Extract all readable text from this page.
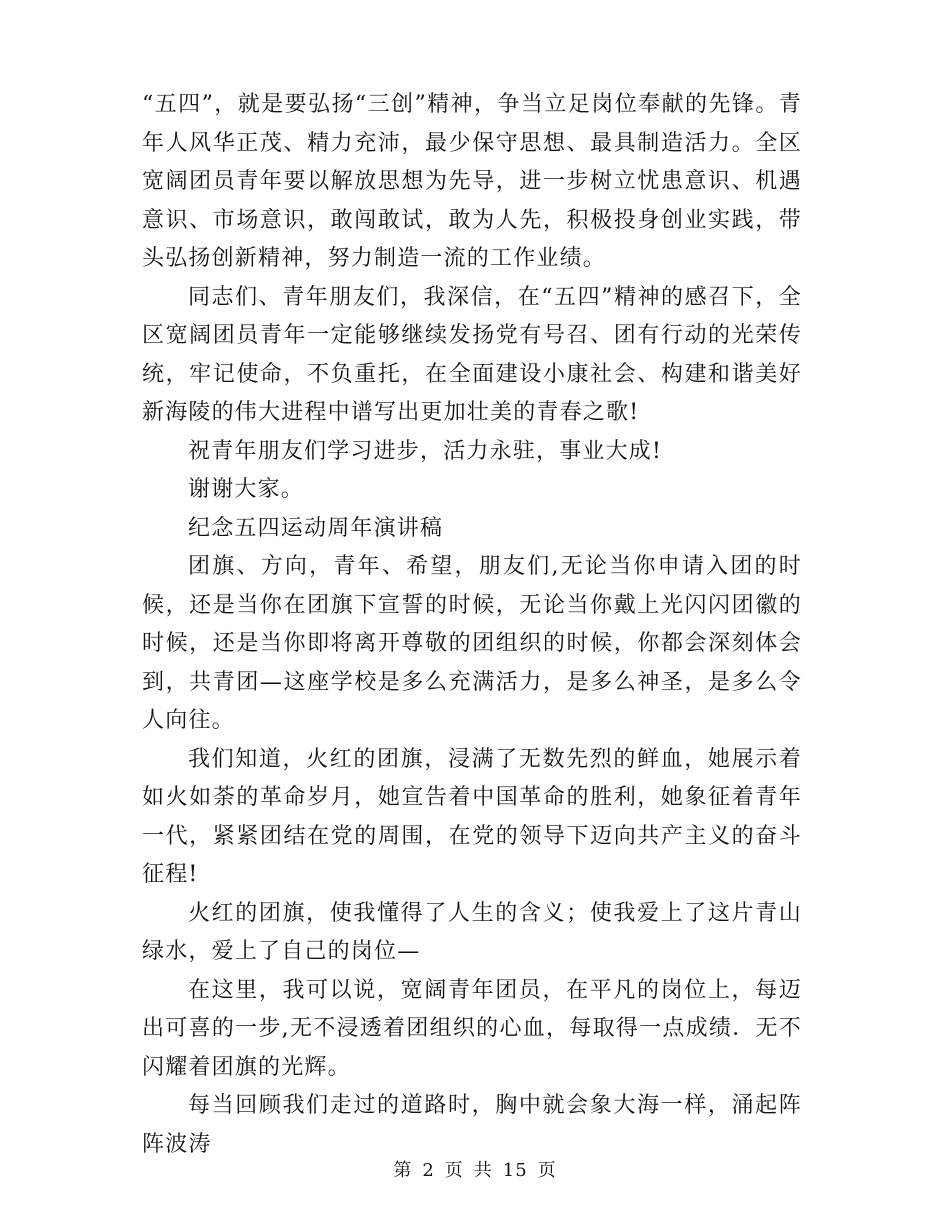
“五四”，就是要弘扬“三创”精神，争当立足岗位奉献的先锋。青年人风华正茂、精力充沛，最少保守思想、最具制造活力。全区宽阔团员青年要以解放思想为先导，进一步树立忧患意识、机遇意识、市场意识，敢闯敢试，敢为人先，积极投身创业实践，带头弘扬创新精神，努力制造一流的工作业绩。

同志们、青年朋友们，我深信，在“五四”精神的感召下，全区宽阔团员青年一定能够继续发扬党有号召、团有行动的光荣传统，牢记使命，不负重托，在全面建设小康社会、构建和谐美好新海陵的伟大进程中谱写出更加壮美的青春之歌!

祝青年朋友们学习进步，活力永驻，事业大成!

谢谢大家。

纪念五四运动周年演讲稿

团旗、方向，青年、希望，朋友们,无论当你申请入团的时候，还是当你在团旗下宣誓的时候，无论当你戴上光闪闪团徽的时候，还是当你即将离开尊敬的团组织的时候，你都会深刻体会到，共青团—这座学校是多么充满活力，是多么神圣，是多么令人向往。

我们知道，火红的团旗，浸满了无数先烈的鲜血，她展示着如火如荼的革命岁月，她宣告着中国革命的胜利，她象征着青年一代，紧紧团结在党的周围，在党的领导下迈向共产主义的奋斗征程!

火红的团旗，使我懂得了人生的含义；使我爱上了这片青山绿水，爱上了自己的岗位—

在这里，我可以说，宽阔青年团员，在平凡的岗位上，每迈出可喜的一步,无不浸透着团组织的心血，每取得一点成绩．无不闪耀着团旗的光辉。

每当回顾我们走过的道路时，胸中就会象大海一样，涌起阵阵波涛

第 2 页 共 15 页
